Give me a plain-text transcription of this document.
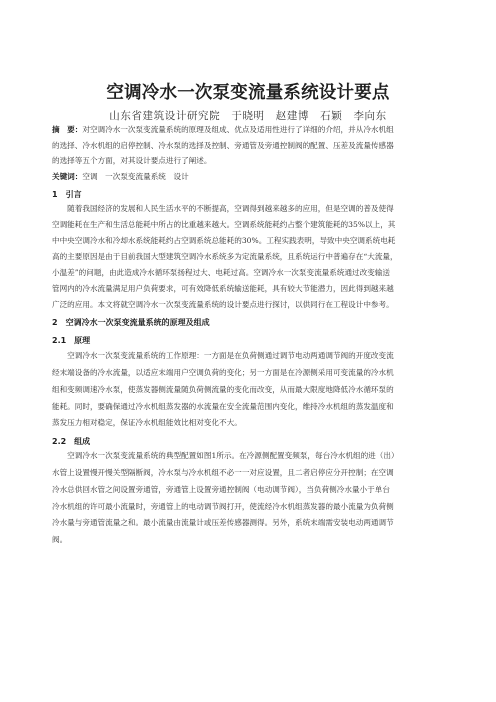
空调冷水一次泵变流量系统设计要点
山东省建筑设计研究院　于晓明　赵建博　石颖　李向东
摘　要：对空调冷水一次泵变流量系统的原理及组成、优点及适用性进行了详细的介绍，并从冷水机组
的选择、冷水机组的启停控制、冷水泵的选择及控制、旁通管及旁通控制阀的配置、压差及流量传感器
的选择等五个方面，对其设计要点进行了阐述。
关键词：空调　一次泵变流量系统　设计
1　引言
　　随着我国经济的发展和人民生活水平的不断提高，空调得到越来越多的应用，但是空调的普及使得
空调能耗在生产和生活总能耗中所占的比重越来越大。空调系统能耗约占整个建筑能耗的35%以上，其
中中央空调冷水和冷却水系统能耗约占空调系统总能耗的30%。工程实践表明，导致中央空调系统电耗
高的主要原因是由于目前我国大型建筑空调冷水系统多为定流量系统，且系统运行中普遍存在“大流量，
小温差”的问题，由此造成冷水循环泵扬程过大、电耗过高。空调冷水一次泵变流量系统通过改变输送
管网内的冷水流量满足用户负荷要求，可有效降低系统输送能耗，具有较大节能潜力，因此得到越来越
广泛的应用。本文将就空调冷水一次泵变流量系统的设计要点进行探讨，以供同行在工程设计中参考。
2　空调冷水一次泵变流量系统的原理及组成
2.1　原理
　　空调冷水一次泵变流量系统的工作原理：一方面是在负荷侧通过调节电动两通调节阀的开度改变流
经末端设备的冷水流量，以适应末端用户空调负荷的变化；另一方面是在冷源侧采用可变流量的冷水机
组和变频调速冷水泵，使蒸发器侧流量随负荷侧流量的变化而改变，从而最大限度地降低冷水循环泵的
能耗。同时，要确保通过冷水机组蒸发器的水流量在安全流量范围内变化，维持冷水机组的蒸发温度和
蒸发压力相对稳定，保证冷水机组能效比相对变化不大。
2.2　组成
　　空调冷水一次泵变流量系统的典型配置如图1所示。在冷源侧配置变频泵，每台冷水机组的进（出）
水管上设置慢开慢关型隔断阀，冷水泵与冷水机组不必一一对应设置，且二者启停应分开控制；在空调
冷水总供回水管之间设置旁通管，旁通管上设置旁通控制阀（电动调节阀），当负荷侧冷水量小于单台
冷水机组的许可最小流量时，旁通管上的电动调节阀打开，使流经冷水机组蒸发器的最小流量为负荷侧
冷水量与旁通管流量之和。最小流量由流量计或压差传感器测得。另外，系统末端需安装电动两通调节
阀。
